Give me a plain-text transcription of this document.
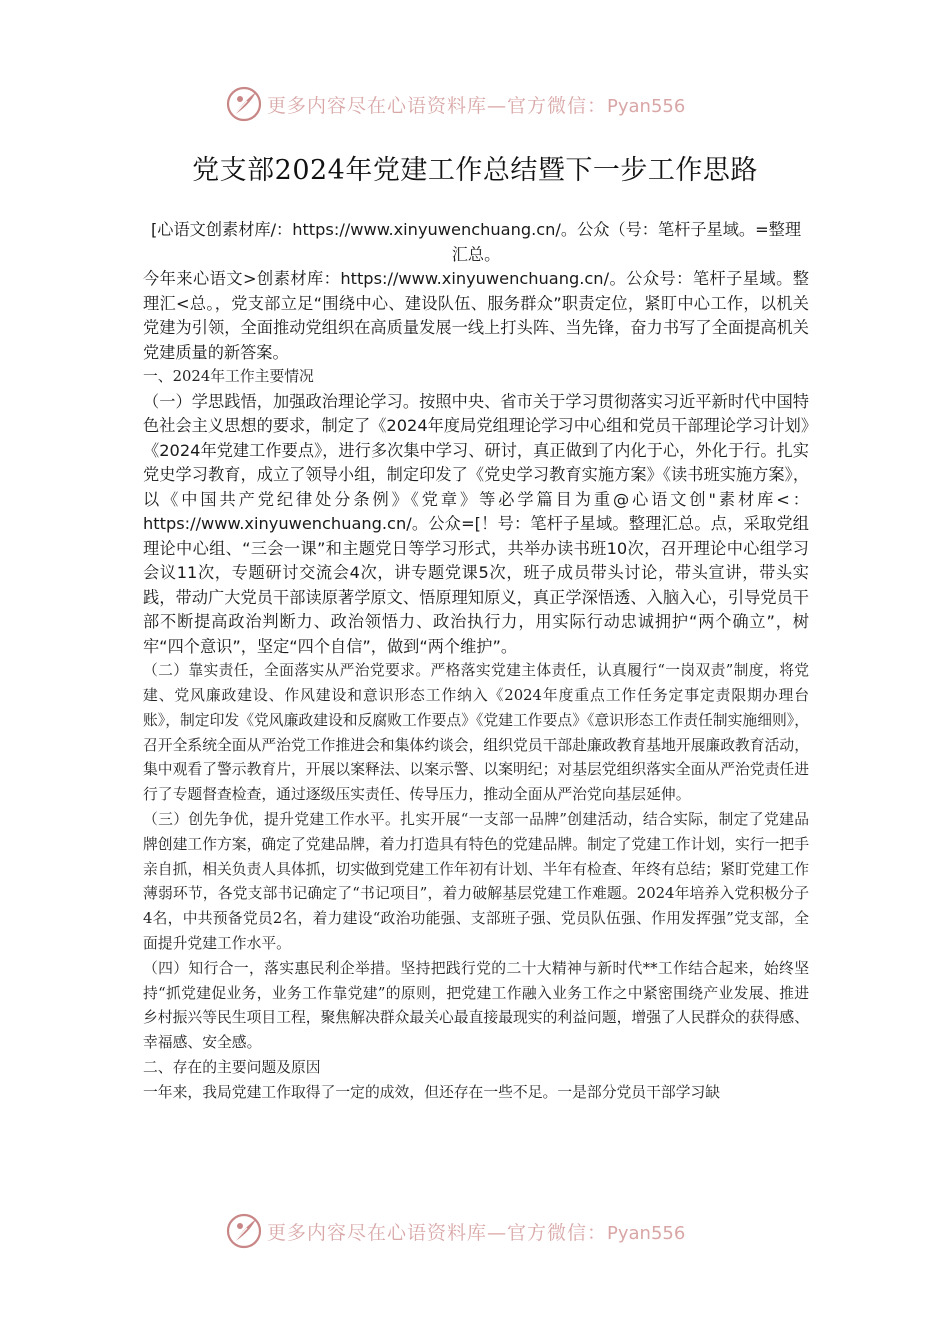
更多内容尽在心语资料库—官方微信：Pyan556
党支部2024年党建工作总结暨下一步工作思路

[心语文创素材库/：https://www.xinyuwenchuang.cn/。公众（号：笔杆子星域。=整理汇总。

今年来心语文>创素材库：https://www.xinyuwenchuang.cn/。公众号：笔杆子星域。整理汇<总。，党支部立足“围绕中心、建设队伍、服务群众”职责定位，紧盯中心工作，以机关党建为引领，全面推动党组织在高质量发展一线上打头阵、当先锋，奋力书写了全面提高机关党建质量的新答案。

一、2024年工作主要情况

（一）学思践悟，加强政治理论学习。按照中央、省市关于学习贯彻落实习近平新时代中国特色社会主义思想的要求，制定了《2024年度局党组理论学习中心组和党员干部理论学习计划》《2024年党建工作要点》，进行多次集中学习、研讨，真正做到了内化于心，外化于行。扎实党史学习教育，成立了领导小组，制定印发了《党史学习教育实施方案》《读书班实施方案》，以《中国共产党纪律处分条例》《党章》等必学篇目为重@心语文创"素材库<：https://www.xinyuwenchuang.cn/。公众=[！号：笔杆子星域。整理汇总。点，采取党组理论中心组、“三会一课”和主题党日等学习形式，共举办读书班10次，召开理论中心组学习会议11次，专题研讨交流会4次，讲专题党课5次，班子成员带头讨论，带头宣讲，带头实践，带动广大党员干部读原著学原文、悟原理知原义，真正学深悟透、入脑入心，引导党员干部不断提高政治判断力、政治领悟力、政治执行力，用实际行动忠诚拥护“两个确立”，树牢“四个意识”，坚定“四个自信”，做到“两个维护”。

（二）靠实责任，全面落实从严治党要求。严格落实党建主体责任，认真履行“一岗双责”制度，将党建、党风廉政建设、作风建设和意识形态工作纳入《2024年度重点工作任务定事定责限期办理台账》，制定印发《党风廉政建设和反腐败工作要点》《党建工作要点》《意识形态工作责任制实施细则》，召开全系统全面从严治党工作推进会和集体约谈会，组织党员干部赴廉政教育基地开展廉政教育活动，集中观看了警示教育片，开展以案释法、以案示警、以案明纪；对基层党组织落实全面从严治党责任进行了专题督查检查，通过逐级压实责任、传导压力，推动全面从严治党向基层延伸。

（三）创先争优，提升党建工作水平。扎实开展“一支部一品牌”创建活动，结合实际，制定了党建品牌创建工作方案，确定了党建品牌，着力打造具有特色的党建品牌。制定了党建工作计划，实行一把手亲自抓，相关负责人具体抓，切实做到党建工作年初有计划、半年有检查、年终有总结；紧盯党建工作薄弱环节，各党支部书记确定了“书记项目”，着力破解基层党建工作难题。2024年培养入党积极分子4名，中共预备党员2名，着力建设“政治功能强、支部班子强、党员队伍强、作用发挥强”党支部，全面提升党建工作水平。

（四）知行合一，落实惠民利企举措。坚持把践行党的二十大精神与新时代**工作结合起来，始终坚持“抓党建促业务，业务工作靠党建”的原则，把党建工作融入业务工作之中紧密围绕产业发展、推进乡村振兴等民生项目工程，聚焦解决群众最关心最直接最现实的利益问题，增强了人民群众的获得感、幸福感、安全感。

二、存在的主要问题及原因

一年来，我局党建工作取得了一定的成效，但还存在一些不足。一是部分党员干部学习缺

更多内容尽在心语资料库—官方微信：Pyan556
